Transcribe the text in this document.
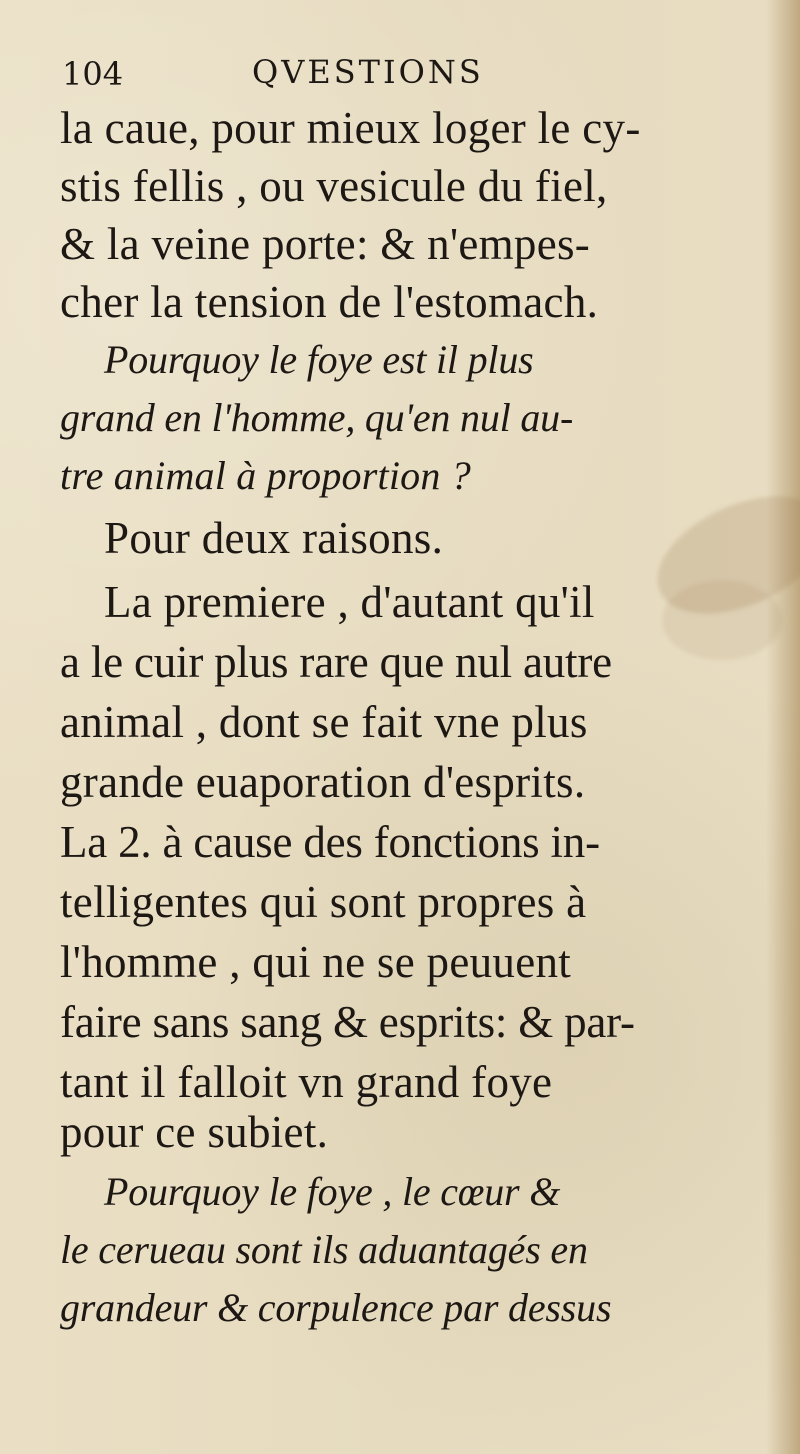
104	QVESTIONS
la caue, pour mieux loger le cy-
stis fellis , ou vesicule du fiel,
& la veine porte: & n'empes-
cher la tension de l'estomach.
Pourquoy le foye est il plus
grand en l'homme, qu'en nul au-
tre animal à proportion ?
Pour deux raisons.
La premiere , d'autant qu'il
a le cuir plus rare que nul autre
animal , dont se fait vne plus
grande euaporation d'esprits.
La 2. à cause des fonctions in-
telligentes qui sont propres à
l'homme , qui ne se peuuent
faire sans sang & esprits: & par-
tant il falloit vn grand foye
pour ce subiet.
Pourquoy le foye , le cœur &
le cerueau sont ils aduantagés en
grandeur & corpulence par dessus
